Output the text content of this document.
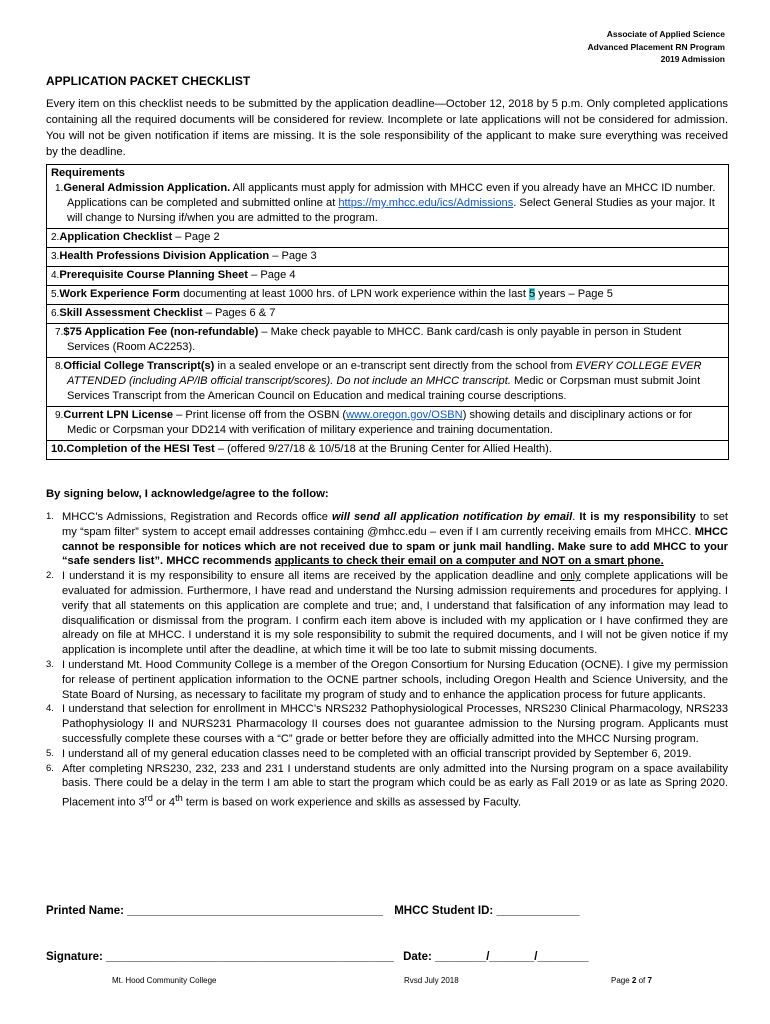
Associate of Applied Science
Advanced Placement RN Program
2019 Admission
APPLICATION PACKET CHECKLIST
Every item on this checklist needs to be submitted by the application deadline—October 12, 2018 by 5 p.m. Only completed applications containing all the required documents will be considered for review. Incomplete or late applications will not be considered for admission. You will not be given notification if items are missing. It is the sole responsibility of the applicant to make sure everything was received by the deadline.
Requirements
1.General Admission Application. All applicants must apply for admission with MHCC even if you already have an MHCC ID number. Applications can be completed and submitted online at https://my.mhcc.edu/ics/Admissions. Select General Studies as your major. It will change to Nursing if/when you are admitted to the program.

2.Application Checklist – Page 2
3.Health Professions Division Application – Page 3
4.Prerequisite Course Planning Sheet – Page 4
5.Work Experience Form documenting at least 1000 hrs. of LPN work experience within the last 5 years – Page 5
6.Skill Assessment Checklist – Pages 6 & 7

7.$75 Application Fee (non-refundable) – Make check payable to MHCC. Bank card/cash is only payable in person in Student Services (Room AC2253).

8.Official College Transcript(s) in a sealed envelope or an e-transcript sent directly from the school from EVERY COLLEGE EVER ATTENDED (including AP/IB official transcript/scores). Do not include an MHCC transcript. Medic or Corpsman must submit Joint Services Transcript from the American Council on Education and medical training course descriptions.

9.Current LPN License – Print license off from the OSBN (www.oregon.gov/OSBN) showing details and disciplinary actions or for Medic or Corpsman your DD214 with verification of military experience and training documentation.

10.Completion of the HESI Test – (offered 9/27/18 & 10/5/18 at the Bruning Center for Allied Health).
By signing below, I acknowledge/agree to the follow:
1. MHCC’s Admissions, Registration and Records office will send all application notification by email. It is my responsibility to set my “spam filter” system to accept email addresses containing @mhcc.edu – even if I am currently receiving emails from MHCC. MHCC cannot be responsible for notices which are not received due to spam or junk mail handling. Make sure to add MHCC to your “safe senders list”. MHCC recommends applicants to check their email on a computer and NOT on a smart phone.
2. I understand it is my responsibility to ensure all items are received by the application deadline and only complete applications will be evaluated for admission. Furthermore, I have read and understand the Nursing admission requirements and procedures for applying. I verify that all statements on this application are complete and true; and, I understand that falsification of any information may lead to disqualification or dismissal from the program. I confirm each item above is included with my application or I have confirmed they are already on file at MHCC. I understand it is my sole responsibility to submit the required documents, and I will not be given notice if my application is incomplete until after the deadline, at which time it will be too late to submit missing documents.
3. I understand Mt. Hood Community College is a member of the Oregon Consortium for Nursing Education (OCNE). I give my permission for release of pertinent application information to the OCNE partner schools, including Oregon Health and Science University, and the State Board of Nursing, as necessary to facilitate my program of study and to enhance the application process for future applicants.
4. I understand that selection for enrollment in MHCC’s NRS232 Pathophysiological Processes, NRS230 Clinical Pharmacology, NRS233 Pathophysiology II and NURS231 Pharmacology II courses does not guarantee admission to the Nursing program. Applicants must successfully complete these courses with a “C” grade or better before they are officially admitted into the MHCC Nursing program.
5. I understand all of my general education classes need to be completed with an official transcript provided by September 6, 2019.
6. After completing NRS230, 232, 233 and 231 I understand students are only admitted into the Nursing program on a space availability basis. There could be a delay in the term I am able to start the program which could be as early as Fall 2019 or as late as Spring 2020. Placement into 3rd or 4th term is based on work experience and skills as assessed by Faculty.
Printed Name: ________________________________________ MHCC Student ID: _____________
Signature: _____________________________________________ Date: ________/_______/________
Mt. Hood Community College	Rvsd July 2018	Page 2 of 7
